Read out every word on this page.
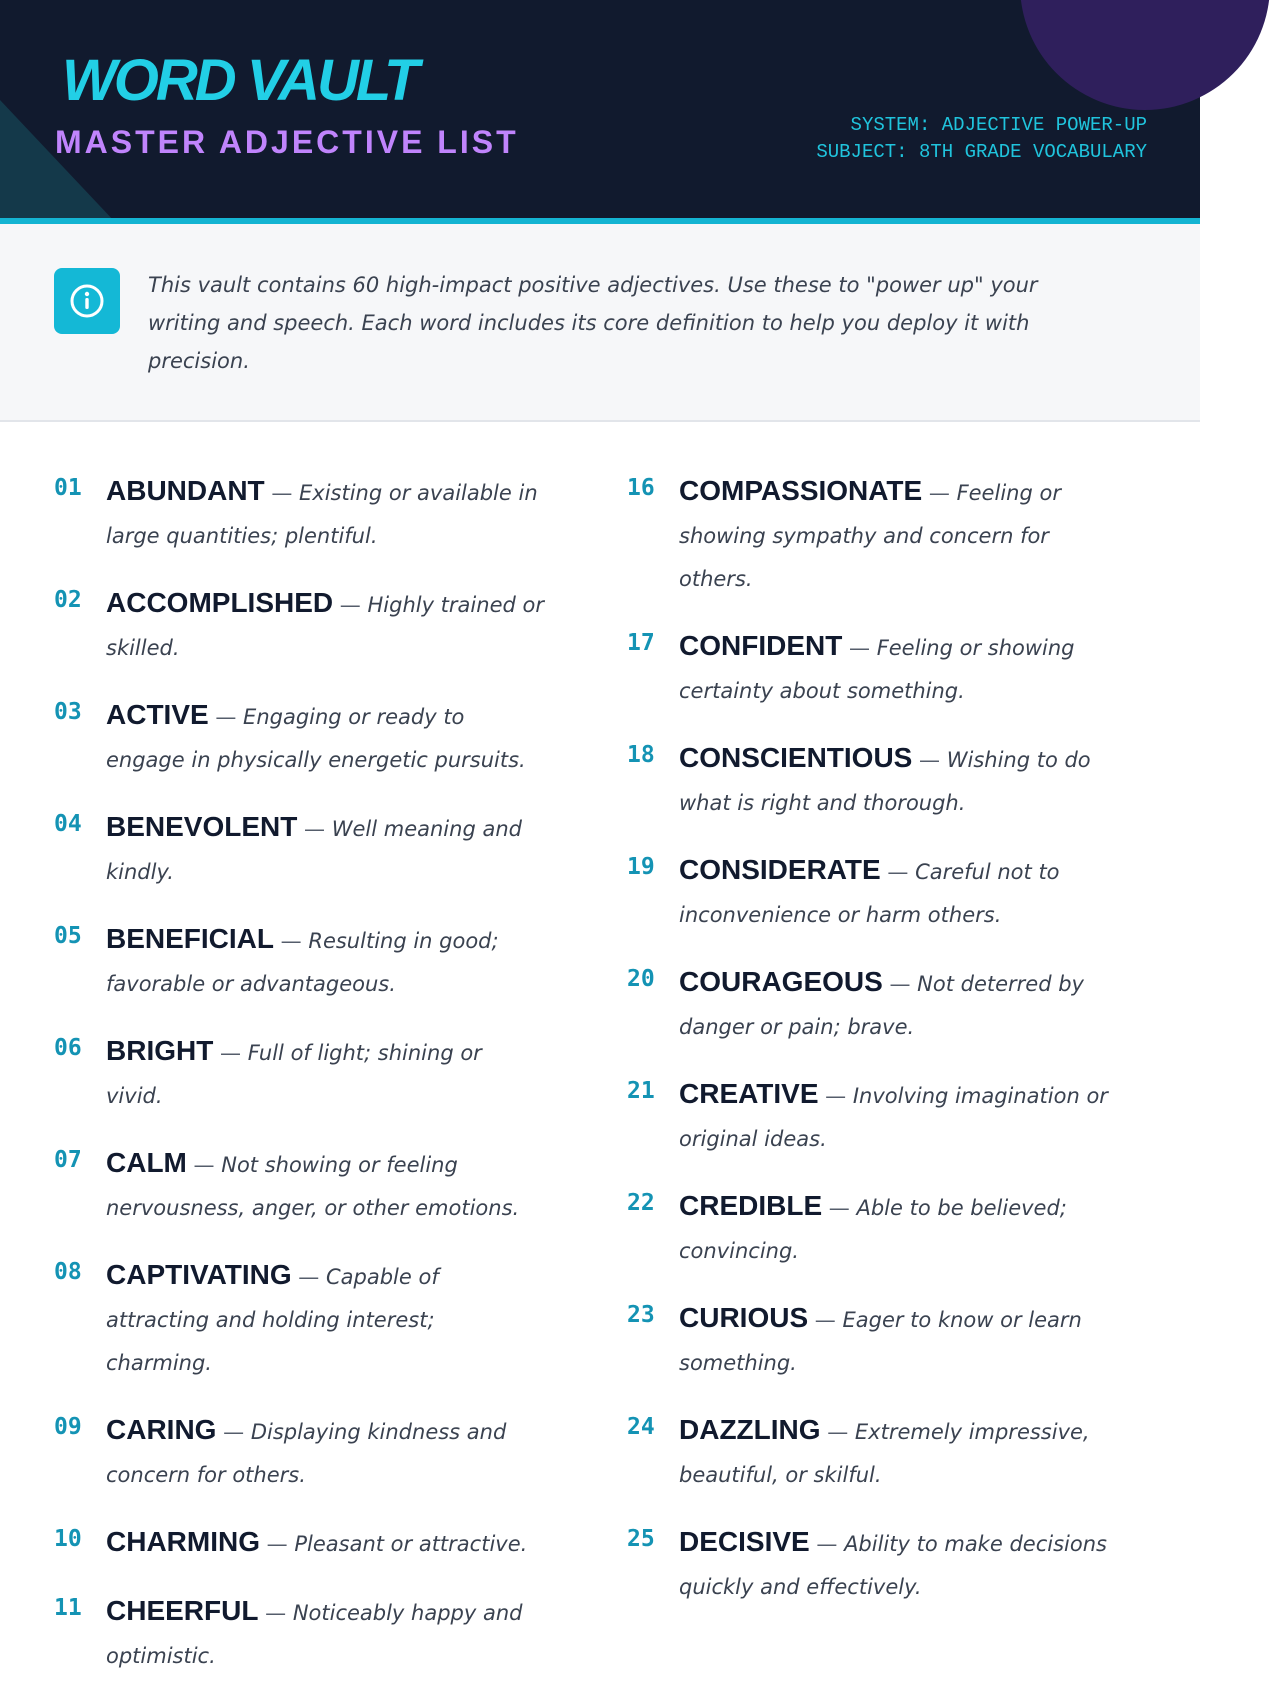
WORD VAULT
MASTER ADJECTIVE LIST	SYSTEM: ADJECTIVE POWER-UP
SUBJECT: 8TH GRADE VOCABULARY

This vault contains 60 high-impact positive adjectives. Use these to "power up" your writing and speech. Each word includes its core definition to help you deploy it with precision.

01 ABUNDANT — Existing or available in large quantities; plentiful.
02 ACCOMPLISHED — Highly trained or skilled.
03 ACTIVE — Engaging or ready to engage in physically energetic pursuits.
04 BENEVOLENT — Well meaning and kindly.
05 BENEFICIAL — Resulting in good; favorable or advantageous.
06 BRIGHT — Full of light; shining or vivid.
07 CALM — Not showing or feeling nervousness, anger, or other emotions.
08 CAPTIVATING — Capable of attracting and holding interest; charming.
09 CARING — Displaying kindness and concern for others.
10 CHARMING — Pleasant or attractive.
11 CHEERFUL — Noticeably happy and optimistic.
16 COMPASSIONATE — Feeling or showing sympathy and concern for others.
17 CONFIDENT — Feeling or showing certainty about something.
18 CONSCIENTIOUS — Wishing to do what is right and thorough.
19 CONSIDERATE — Careful not to inconvenience or harm others.
20 COURAGEOUS — Not deterred by danger or pain; brave.
21 CREATIVE — Involving imagination or original ideas.
22 CREDIBLE — Able to be believed; convincing.
23 CURIOUS — Eager to know or learn something.
24 DAZZLING — Extremely impressive, beautiful, or skilful.
25 DECISIVE — Ability to make decisions quickly and effectively.
